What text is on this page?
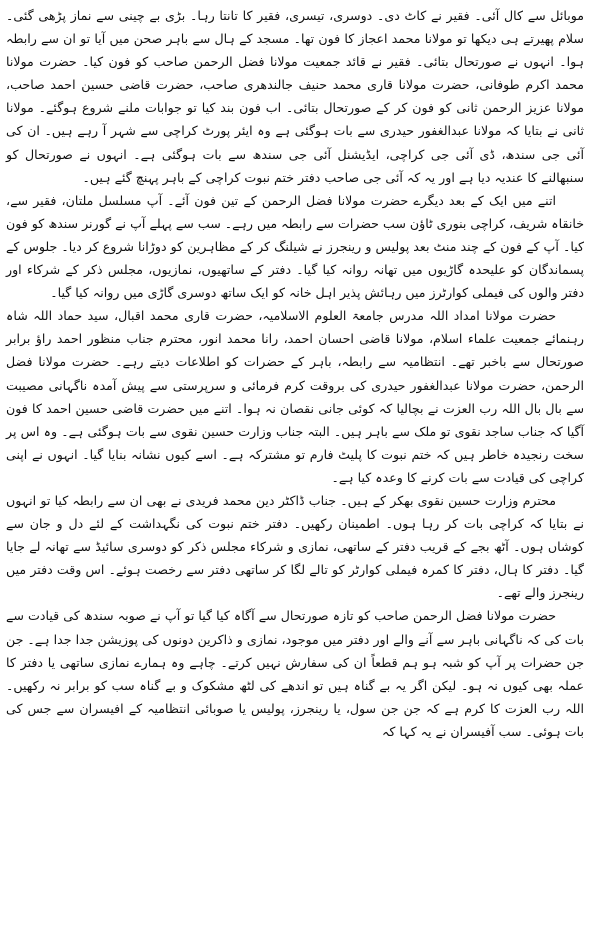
موبائل سے کال آئی۔ فقیر نے کاٹ دی۔ دوسری، تیسری، فقیر کا تانتا رہا۔ بڑی بے چینی سے نماز پڑھی گئی۔ سلام پھیرتے ہی دیکھا تو مولانا محمد اعجاز کا فون تھا۔ مسجد کے ہال سے باہر صحن میں آیا تو ان سے رابطہ ہوا۔ انہوں نے صورتحال بتائی۔ فقیر نے قائد جمعیت مولانا فضل الرحمن صاحب کو فون کیا۔ حضرت مولانا محمد اکرم طوفانی، حضرت مولانا قاری محمد حنیف جالندھری صاحب، حضرت قاضی حسین احمد صاحب، مولانا عزیز الرحمن ثانی کو فون کر کے صورتحال بتائی۔ اب فون بند کیا تو جوابات ملنے شروع ہوگئے۔ مولانا ثانی نے بتایا کہ مولانا عبدالغفور حیدری سے بات ہوگئی ہے وہ ایئر پورٹ کراچی سے شہر آ رہے ہیں۔ ان کی آئی جی سندھ، ڈی آئی جی کراچی، ایڈیشنل آئی جی سندھ سے بات ہوگئی ہے۔ انہوں نے صورتحال کو سنبھالنے کا عندیہ دیا ہے اور یہ کہ آئی جی صاحب دفتر ختم نبوت کراچی کے باہر پہنچ گئے ہیں۔

اتنے میں ایک کے بعد دیگرے حضرت مولانا فضل الرحمن کے تین فون آئے۔ آپ مسلسل ملتان، فقیر سے، خانقاہ شریف، کراچی بنوری ٹاؤن سب حضرات سے رابطہ میں رہے۔ سب سے پہلے آپ نے گورنر سندھ کو فون کیا۔ آپ کے فون کے چند منٹ بعد پولیس و رینجرز نے شیلنگ کر کے مظاہرین کو دوڑانا شروع کر دیا۔ جلوس کے پسماندگان کو علیحدہ گاڑیوں میں تھانہ روانہ کیا گیا۔ دفتر کے ساتھیوں، نمازیوں، مجلس ذکر کے شرکاء اور دفتر والوں کی فیملی کوارٹرز میں رہائش پذیر اہل خانہ کو ایک ساتھ دوسری گاڑی میں روانہ کیا گیا۔

حضرت مولانا امداد اللہ مدرس جامعۃ العلوم الاسلامیہ، حضرت قاری محمد اقبال، سید حماد اللہ شاہ رہنمائے جمعیت علماء اسلام، مولانا قاضی احسان احمد، رانا محمد انور، محترم جناب منظور احمد راؤ برابر صورتحال سے باخبر تھے۔ انتظامیہ سے رابطہ، باہر کے حضرات کو اطلاعات دیتے رہے۔ حضرت مولانا فضل الرحمن، حضرت مولانا عبدالغفور حیدری کی بروقت کرم فرمائی و سرپرستی سے پیش آمدہ ناگہانی مصیبت سے بال بال اللہ رب العزت نے بچالیا کہ کوئی جانی نقصان نہ ہوا۔ اتنے میں حضرت قاضی حسین احمد کا فون آگیا کہ جناب ساجد نقوی تو ملک سے باہر ہیں۔ البتہ جناب وزارت حسین نقوی سے بات ہوگئی ہے۔ وہ اس پر سخت رنجیدہ خاطر ہیں کہ ختم نبوت کا پلیٹ فارم تو مشترکہ ہے۔ اسے کیوں نشانہ بنایا گیا۔ انہوں نے اپنی کراچی کی قیادت سے بات کرنے کا وعدہ کیا ہے۔

محترم وزارت حسین نقوی بھکر کے ہیں۔ جناب ڈاکٹر دین محمد فریدی نے بھی ان سے رابطہ کیا تو انہوں نے بتایا کہ کراچی بات کر رہا ہوں۔ اطمینان رکھیں۔ دفتر ختم نبوت کی نگہداشت کے لئے دل و جان سے کوشاں ہوں۔ آٹھ بجے کے قریب دفتر کے ساتھی، نمازی و شرکاء مجلس ذکر کو دوسری سائیڈ سے تھانہ لے جایا گیا۔ دفتر کا ہال، دفتر کا کمرہ فیملی کوارٹر کو تالے لگا کر ساتھی دفتر سے رخصت ہوئے۔ اس وقت دفتر میں رینجرز والے تھے۔

حضرت مولانا فضل الرحمن صاحب کو تازہ صورتحال سے آگاہ کیا گیا تو آپ نے صوبہ سندھ کی قیادت سے بات کی کہ ناگہانی باہر سے آنے والے اور دفتر میں موجود، نمازی و ذاکرین دونوں کی پوزیشن جدا جدا ہے۔ جن جن حضرات پر آپ کو شبہ ہو ہم قطعاً ان کی سفارش نہیں کرتے۔ چاہے وہ ہمارے نمازی ساتھی یا دفتر کا عملہ بھی کیوں نہ ہو۔ لیکن اگر یہ بے گناہ ہیں تو اندھے کی لٹھ مشکوک و بے گناہ سب کو برابر نہ رکھیں۔ اللہ رب العزت کا کرم ہے کہ جن جن سول، یا رینجرز، پولیس یا صوبائی انتظامیہ کے افیسران سے جس کی بات ہوئی۔ سب آفیسران نے یہ کہا کہ
